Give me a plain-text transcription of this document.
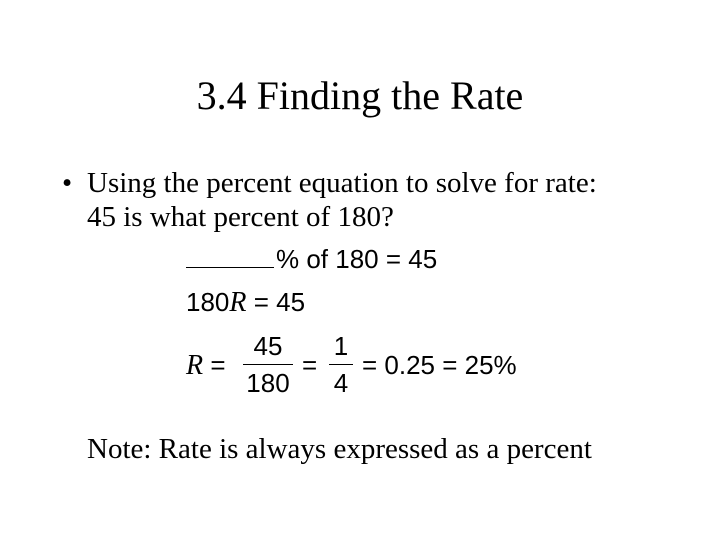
3.4 Finding the Rate
• Using the percent equation to solve for rate:
45 is what percent of 180?
% of 180 = 45
180R = 45
R =
45
180
=
1
4
= 0.25 = 25%
Note: Rate is always expressed as a percent
